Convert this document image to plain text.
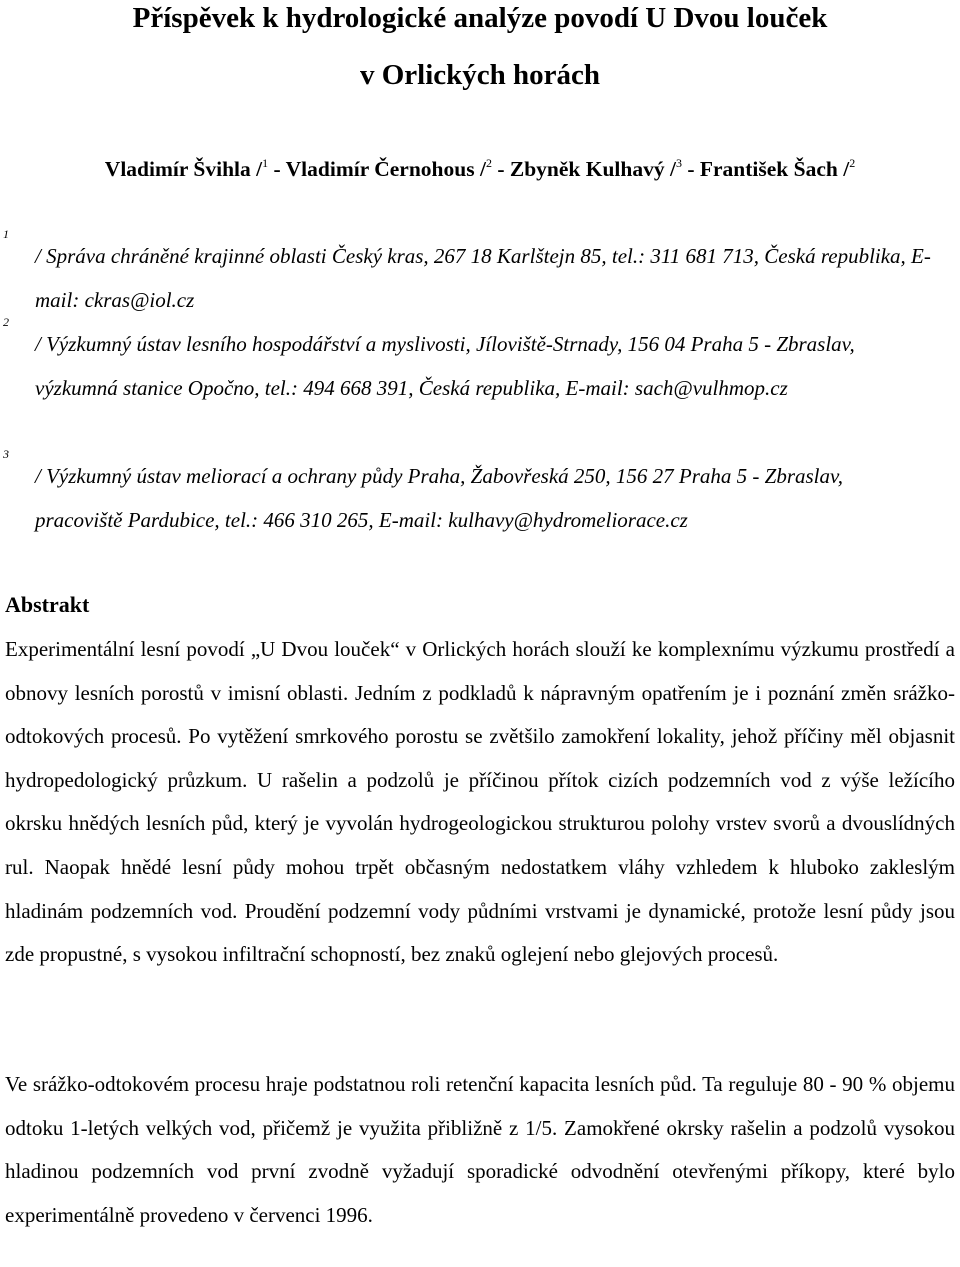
Příspěvek k hydrologické analýze povodí U Dvou louček
v Orlických horách
Vladimír Švihla /$^1$ - Vladimír Černohous /$^2$ - Zbyněk Kulhavý /$^3$ - František Šach /$^2$
1
/ Správa chráněné krajinné oblasti Český kras, 267 18 Karlštejn 85, tel.: 311 681 713, Česká republika, E-mail: ckras@iol.cz
2
/ Výzkumný ústav lesního hospodářství a myslivosti, Jíloviště-Strnady, 156 04 Praha 5 - Zbraslav, výzkumná stanice Opočno, tel.: 494 668 391, Česká republika, E-mail: sach@vulhmop.cz
3
/ Výzkumný ústav meliorací a ochrany půdy Praha, Žabovřeská 250, 156 27 Praha 5 - Zbraslav, pracoviště Pardubice, tel.: 466 310 265, E-mail: kulhavy@hydromeliorace.cz
Abstrakt

Experimentální lesní povodí „U Dvou louček“ v Orlických horách slouží ke komplexnímu výzkumu prostředí a obnovy lesních porostů v imisní oblasti. Jedním z podkladů k nápravným opatřením je i poznání změn srážko-odtokových procesů. Po vytěžení smrkového porostu se zvětšilo zamokření lokality, jehož příčiny měl objasnit hydropedologický průzkum. U rašelin a podzolů je příčinou přítok cizích podzemních vod z výše ležícího okrsku hnědých lesních půd, který je vyvolán hydrogeologickou strukturou polohy vrstev svorů a dvouslídných rul. Naopak hnědé lesní půdy mohou trpět občasným nedostatkem vláhy vzhledem k hluboko zakleslým hladinám podzemních vod. Proudění podzemní vody půdními vrstvami je dynamické, protože lesní půdy jsou zde propustné, s vysokou infiltrační schopností, bez znaků oglejení nebo glejových procesů.

Ve srážko-odtokovém procesu hraje podstatnou roli retenční kapacita lesních půd. Ta reguluje 80 - 90 % objemu odtoku 1-letých velkých vod, přičemž je využita přibližně z 1/5. Zamokřené okrsky rašelin a podzolů vysokou hladinou podzemních vod první zvodně vyžadují sporadické odvodnění otevřenými příkopy, které bylo experimentálně provedeno v červenci 1996.
